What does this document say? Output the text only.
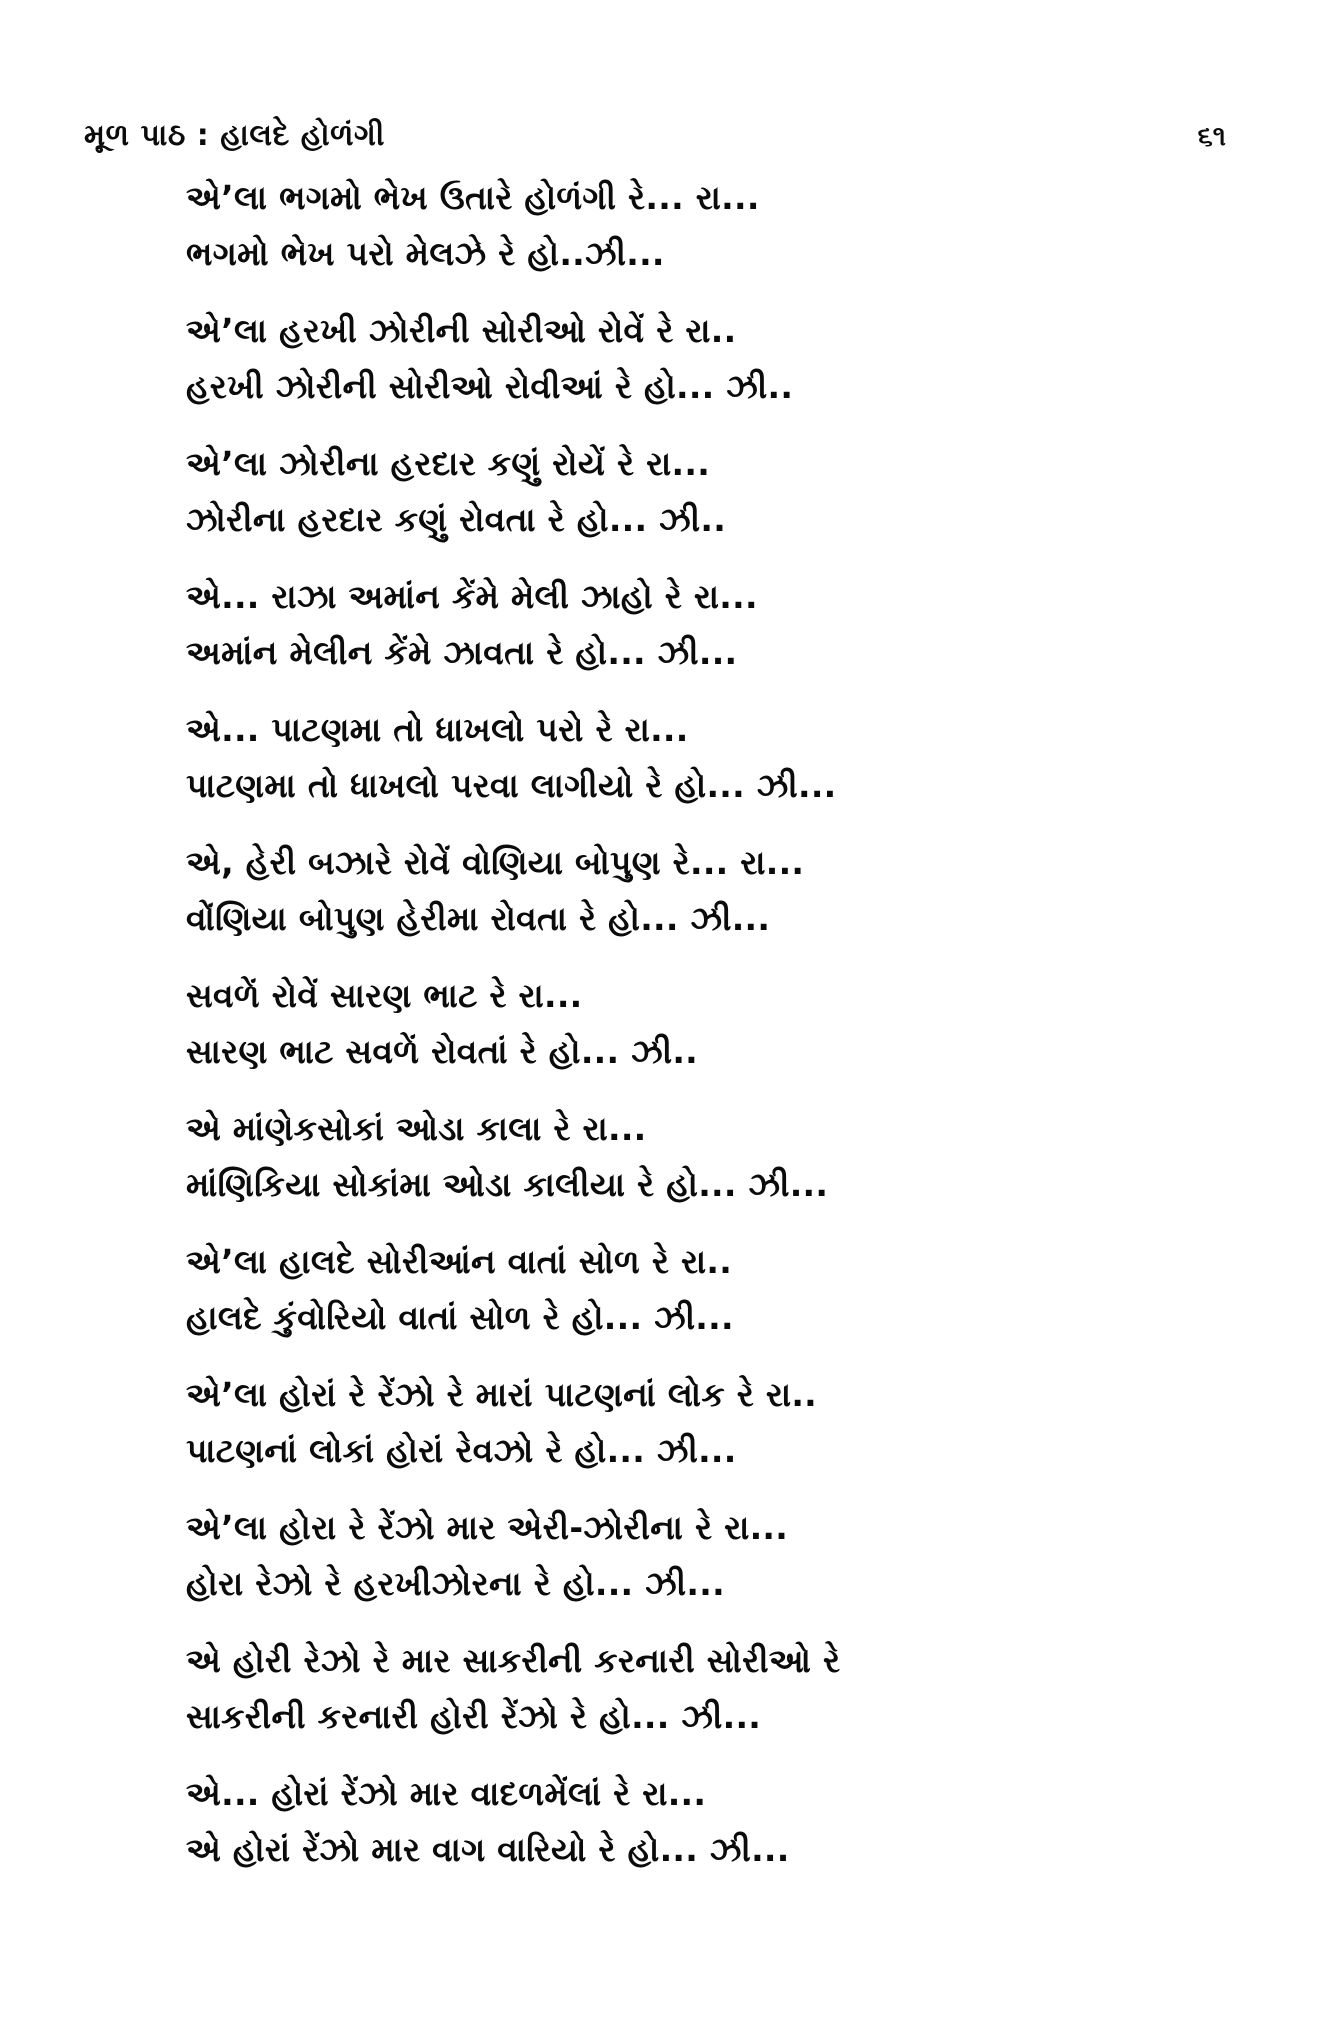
મૂળ પાઠ : હાલદે હોળંગી	૬૧
એ’લા ભગમો ભેખ ઉતારે હોળંગી રે... રા...
ભગમો ભેખ પરો મેલઝે રે હો..ઝી...
એ’લા હરખી ઝોરીની સોરીઓ રોવેં રે રા..
હરખી ઝોરીની સોરીઓ રોવીઆં રે હો... ઝી..
એ’લા ઝોરીના હરદાર કણું રોયેં રે રા...
ઝોરીના હરદાર કણું રોવતા રે હો... ઝી..
એ... રાઝા અમાંન કેંમે મેલી ઝાહો રે રા...
અમાંન મેલીન કેંમે ઝાવતા રે હો... ઝી...
એ... પાટણમા તો ધાખલો પરો રે રા...
પાટણમા તો ધાખલો પરવા લાગીયો રે હો... ઝી...
એ, હેરી બઝારે રોવેં વોણિયા બોપુણ રે... રા...
વોંણિયા બોપુણ હેરીમા રોવતા રે હો... ઝી...
સવળેં રોવેં સારણ ભાટ રે રા...
સારણ ભાટ સવળેં રોવતાં રે હો... ઝી..
એ માંણેકસોકાં ઓડા કાલા રે રા...
માંણિકિયા સોકાંમા ઓડા કાલીયા રે હો... ઝી...
એ’લા હાલદે સોરીઆંન વાતાં સોળ રે રા..
હાલદે કુંવોરિયો વાતાં સોળ રે હો... ઝી...
એ’લા હોરાં રે રેંઝો રે મારાં પાટણનાં લોક રે રા..
પાટણનાં લોકાં હોરાં રેવઝો રે હો... ઝી...
એ’લા હોરા રે રેંઝો માર એરી-ઝોરીના રે રા...
હોરા રેઝો રે હરખીઝોરના રે હો... ઝી...
એ હોરી રેઝો રે માર સાકરીની કરનારી સોરીઓ રે
સાકરીની કરનારી હોરી રેંઝો રે હો... ઝી...
એ... હોરાં રેંઝો માર વાદળમેંલાં રે રા...
એ હોરાં રેંઝો માર વાગ વારિયો રે હો... ઝી...
